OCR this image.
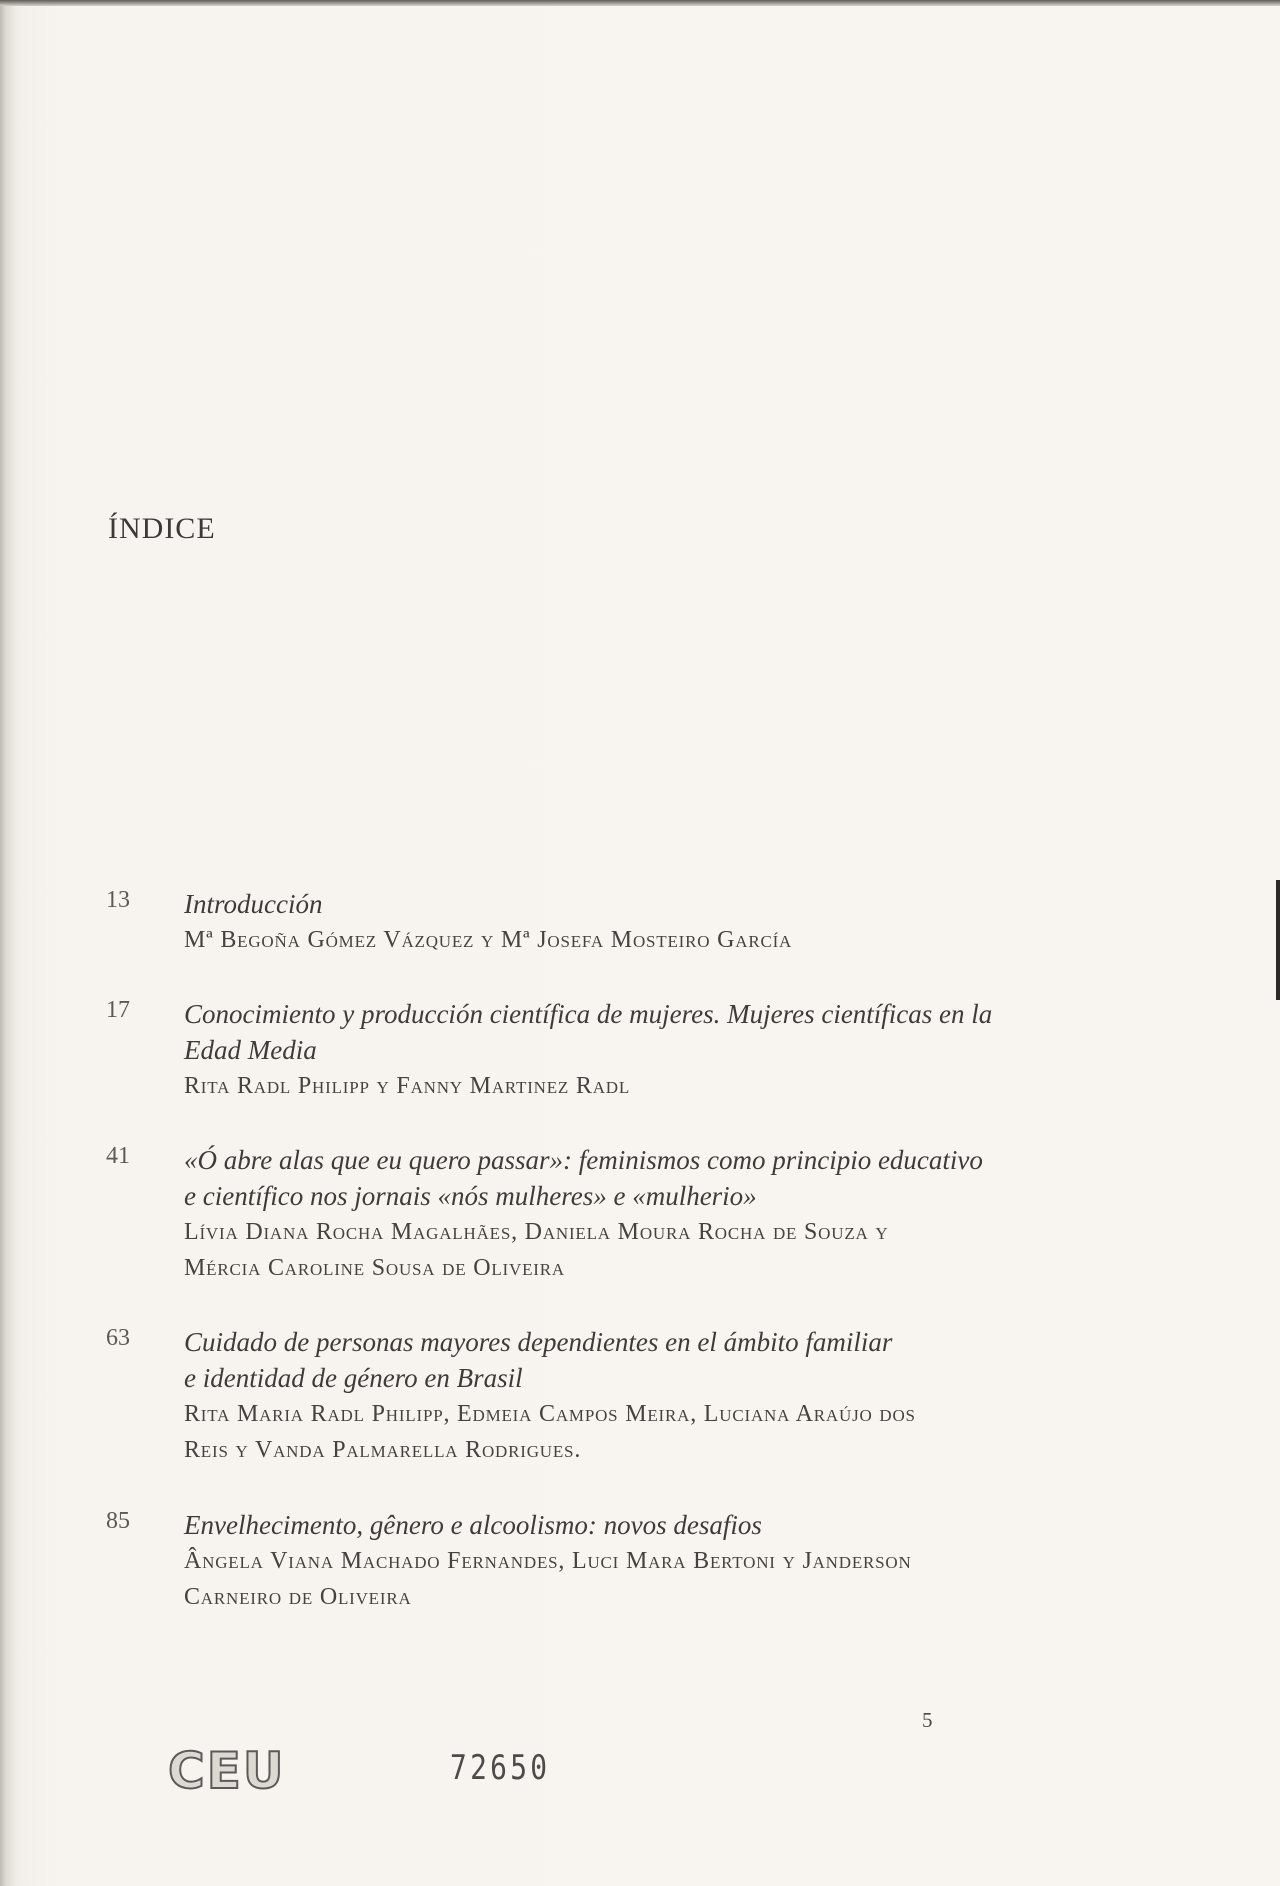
ÍNDICE
13 Introducción
Mª Begoña Gómez Vázquez y Mª Josefa Mosteiro García
17 Conocimiento y producción científica de mujeres. Mujeres científicas en la
Edad Media
Rita Radl Philipp y Fanny Martinez Radl
41 «Ó abre alas que eu quero passar»: feminismos como principio educativo
e científico nos jornais «nós mulheres» e «mulherio»
Lívia Diana Rocha Magalhães, Daniela Moura Rocha de Souza y
Mércia Caroline Sousa de Oliveira
63 Cuidado de personas mayores dependientes en el ámbito familiar
e identidad de género en Brasil
Rita Maria Radl Philipp, Edmeia Campos Meira, Luciana Araújo dos
Reis y Vanda Palmarella Rodrigues.
85 Envelhecimento, gênero e alcoolismo: novos desafios
Ângela Viana Machado Fernandes, Luci Mara Bertoni y Janderson
Carneiro de Oliveira
5
CEU	72650
